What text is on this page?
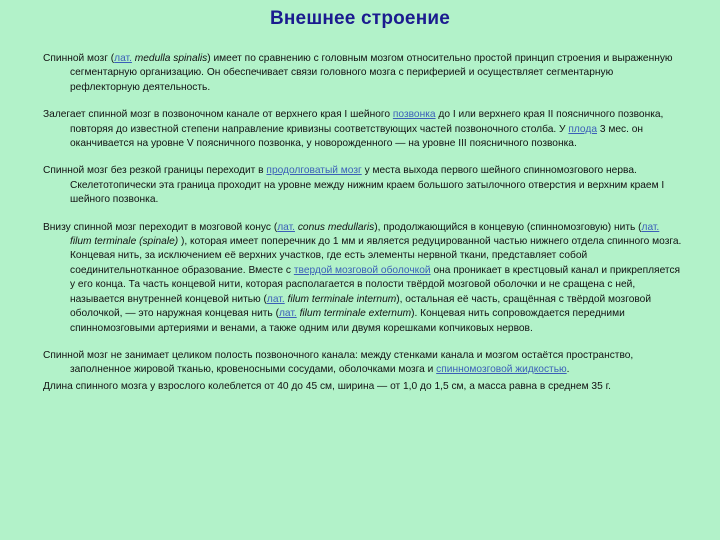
Внешнее строение

Спинной мозг (лат. medulla spinalis) имеет по сравнению с головным мозгом относительно простой принцип строения и выраженную сегментарную организацию. Он обеспечивает связи головного мозга с периферией и осуществляет сегментарную рефлекторную деятельность.

Залегает спинной мозг в позвоночном канале от верхнего края I шейного позвонка до I или верхнего края II поясничного позвонка, повторяя до известной степени направление кривизны соответствующих частей позвоночного столба. У плода 3 мес. он оканчивается на уровне V поясничного позвонка, у новорожденного — на уровне III поясничного позвонка.

Спинной мозг без резкой границы переходит в продолговатый мозг у места выхода первого шейного спинномозгового нерва. Скелетотопически эта граница проходит на уровне между нижним краем большого затылочного отверстия и верхним краем I шейного позвонка.

Внизу спинной мозг переходит в мозговой конус (лат. conus medullaris), продолжающийся в концевую (спинномозговую) нить (лат. filum terminale (spinale) ), которая имеет поперечник до 1 мм и является редуцированной частью нижнего отдела спинного мозга. Концевая нить, за исключением её верхних участков, где есть элементы нервной ткани, представляет собой соединительнотканное образование. Вместе с твердой мозговой оболочкой она проникает в крестцовый канал и прикрепляется у его конца. Та часть концевой нити, которая располагается в полости твёрдой мозговой оболочки и не сращена с ней, называется внутренней концевой нитью (лат. filum terminale internum), остальная её часть, сращённая с твёрдой мозговой оболочкой, — это наружная концевая нить (лат. filum terminale externum). Концевая нить сопровождается передними спинномозговыми артериями и венами, а также одним или двумя корешками копчиковых нервов.

Спинной мозг не занимает целиком полость позвоночного канала: между стенками канала и мозгом остаётся пространство, заполненное жировой тканью, кровеносными сосудами, оболочками мозга и спинномозговой жидкостью.

Длина спинного мозга у взрослого колеблется от 40 до 45 см, ширина — от 1,0 до 1,5 см, а масса равна в среднем 35 г.
